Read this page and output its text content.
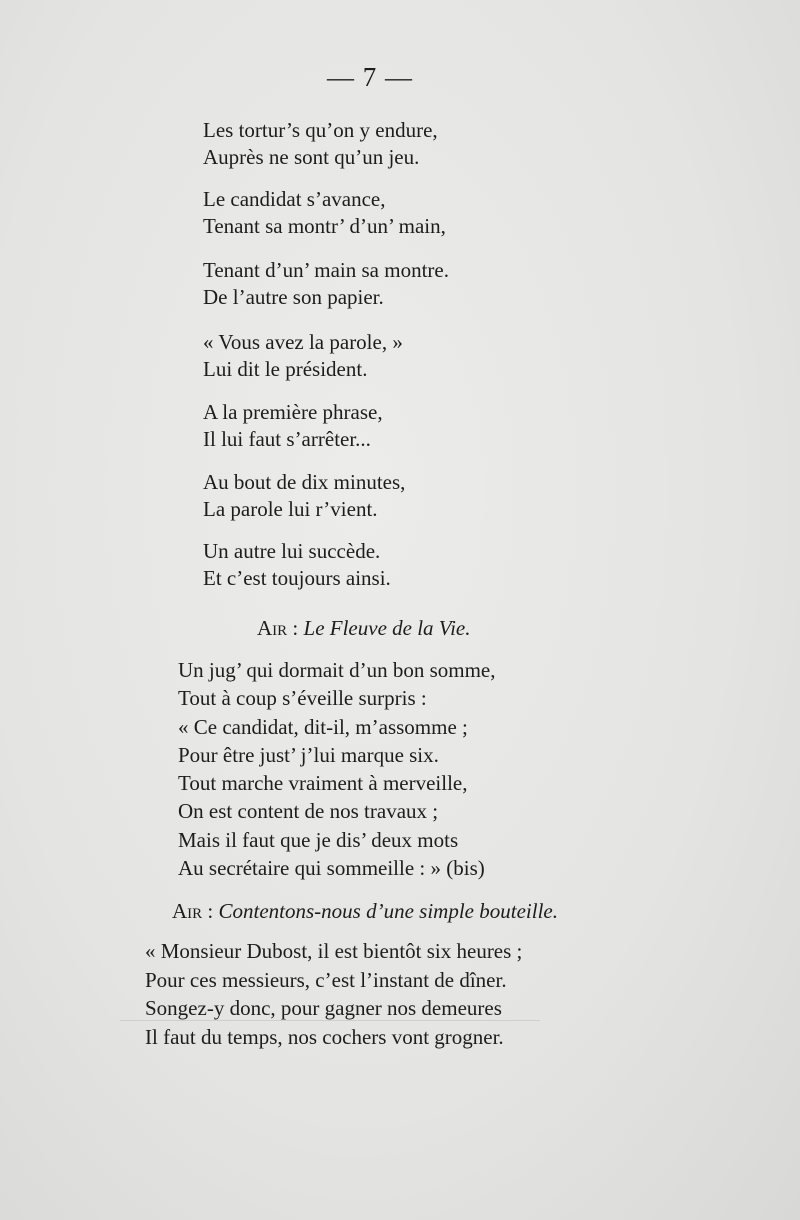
— 7 —
Les tortur’s qu’on y endure,
Auprès ne sont qu’un jeu.
Le candidat s’avance,
Tenant sa montr’ d’un’ main,
Tenant d’un’ main sa montre.
De l’autre son papier.
« Vous avez la parole, »
Lui dit le président.
A la première phrase,
Il lui faut s’arrêter...
Au bout de dix minutes,
La parole lui r’vient.
Un autre lui succède.
Et c’est toujours ainsi.
Air : Le Fleuve de la Vie.
Un jug’ qui dormait d’un bon somme,
Tout à coup s’éveille surpris :
« Ce candidat, dit-il, m’assomme ;
Pour être just’ j’lui marque six.
Tout marche vraiment à merveille,
On est content de nos travaux ;
Mais il faut que je dis’ deux mots
Au secrétaire qui sommeille : » (bis)
Air : Contentons-nous d’une simple bouteille.
« Monsieur Dubost, il est bientôt six heures ;
Pour ces messieurs, c’est l’instant de dîner.
Songez-y donc, pour gagner nos demeures
Il faut du temps, nos cochers vont grogner.
